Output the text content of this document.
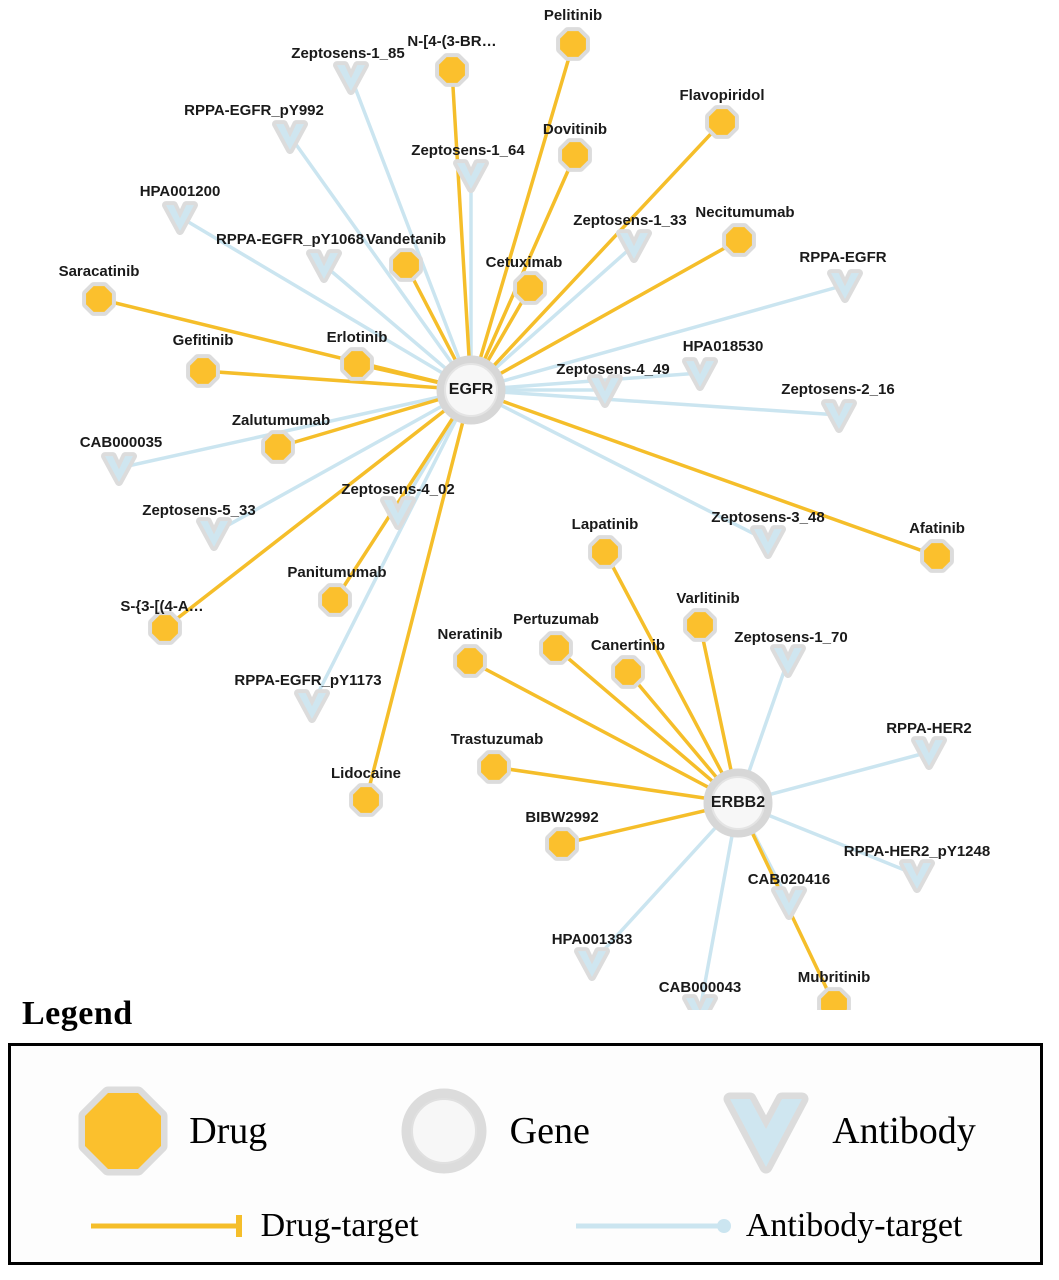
Zeptosens-1_85
RPPA-EGFR_pY992
Zeptosens-1_64
HPA001200
Zeptosens-1_33
RPPA-EGFR_pY1068
RPPA-EGFR
HPA018530
Zeptosens-4_49
Zeptosens-2_16
CAB000035
Zeptosens-4_02
Zeptosens-5_33	Zeptosens-3_48
Zeptosens-1_70
RPPA-EGFR_pY1173
RPPA-HER2
RPPA-HER2_pY1248
CAB020416
HPA001383
CAB000043
Pelitinib
N-[4-(3-BR…
Flavopiridol
Dovitinib
Necitumumab
Vandetanib
Cetuximab
Saracatinib
Erlotinib
Gefitinib
Zalutumumab
Lapatinib	Afatinib
Panitumumab
Varlitinib
S-{3-[(4-A…
Pertuzumab
Neratinib
Canertinib
Trastuzumab
Lidocaine
BIBW2992
Mubritinib
EGFR
ERBB2
Legend
Drug	Gene	Antibody
Drug-target	Antibody-target
